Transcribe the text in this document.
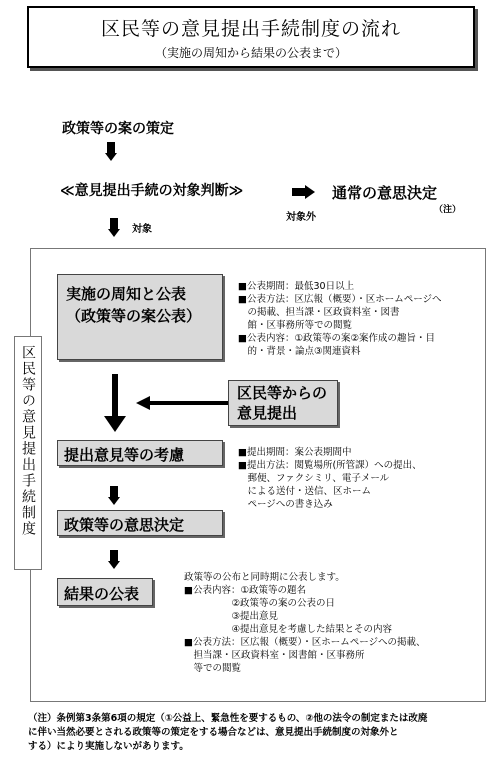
区民等の意見提出手続制度の流れ
（実施の周知から結果の公表まで）
政策等の案の策定
≪意見提出手続の対象判断≫	通常の意思決定
（注）
対象外
対象
区民等の意見提出手続制度
実施の周知と公表
（政策等の案公表）
■公表期間：最低30日以上
■公表方法：区広報（概要）・区ホームページへ
　の掲載、担当課・区政資料室・図書
　館・区事務所等での閲覧
■公表内容：①政策等の案②案作成の趣旨・目
　的・背景・論点③関連資料
区民等からの
意見提出
提出意見等の考慮	■提出期間：案公表期間中
■提出方法：閲覧場所(所管課）への提出、
　郵便、ファクシミリ、電子メール
　による送付・送信、区ホーム
　ページへの書き込み
政策等の意思決定
結果の公表
政策等の公布と同時期に公表します。
■公表内容：①政策等の題名
　　　　　②政策等の案の公表の日
　　　　　③提出意見
　　　　　④提出意見を考慮した結果とその内容
■公表方法：区広報（概要）・区ホームページへの掲載、
　担当課・区政資料室・図書館・区事務所
　等での閲覧
（注）条例第3条第6項の規定（①公益上、緊急性を要するもの、②他の法令の制定または改廃
に伴い当然必要とされる政策等の策定をする場合などは、意見提出手続制度の対象外と
する）により実施しないがあります。
